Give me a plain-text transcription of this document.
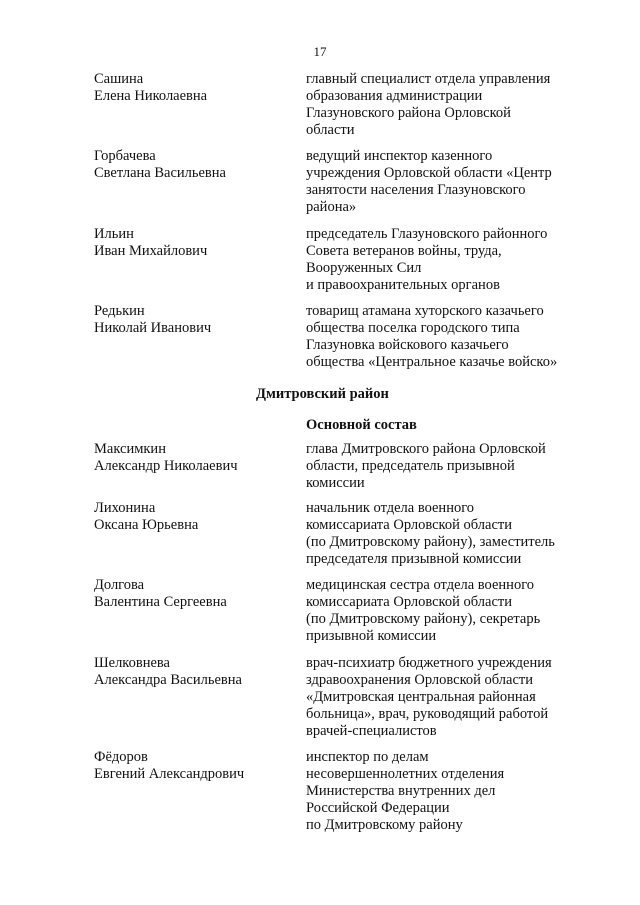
17
Сашина
Елена Николаевна
главный специалист отдела управления
образования администрации
Глазуновского района Орловской
области
Горбачева
Светлана Васильевна
ведущий инспектор казенного
учреждения Орловской области «Центр
занятости населения Глазуновского
района»
Ильин
Иван Михайлович
председатель Глазуновского районного
Совета ветеранов войны, труда,
Вооруженных Сил
и правоохранительных органов
Редькин
Николай Иванович
товарищ атамана хуторского казачьего
общества поселка городского типа
Глазуновка войскового казачьего
общества «Центральное казачье войско»
Дмитровский район
Основной состав
Максимкин
Александр Николаевич
глава Дмитровского района Орловской
области, председатель призывной
комиссии
Лихонина
Оксана Юрьевна
начальник отдела военного
комиссариата Орловской области
(по Дмитровскому району), заместитель
председателя призывной комиссии
Долгова
Валентина Сергеевна
медицинская сестра отдела военного
комиссариата Орловской области
(по Дмитровскому району), секретарь
призывной комиссии
Шелковнева
Александра Васильевна
врач-психиатр бюджетного учреждения
здравоохранения Орловской области
«Дмитровская центральная районная
больница», врач, руководящий работой
врачей-специалистов
Фёдоров
Евгений Александрович
инспектор по делам
несовершеннолетних отделения
Министерства внутренних дел
Российской Федерации
по Дмитровскому району
